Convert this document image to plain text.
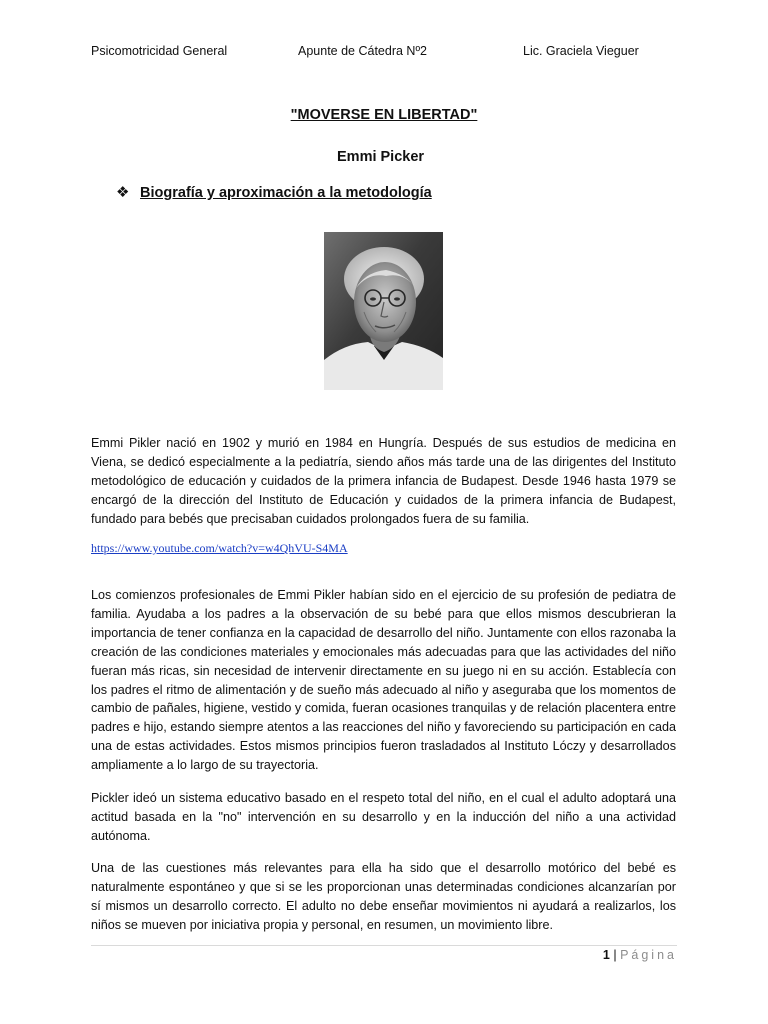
Psicomotricidad General	Apunte de Cátedra Nº2	Lic. Graciela Vieguer
"MOVERSE EN LIBERTAD"
Emmi Picker
❖ Biografía y aproximación a la metodología
Emmi Pikler nació en 1902 y murió en 1984 en Hungría. Después de sus estudios de medicina en Viena, se dedicó especialmente a la pediatría, siendo años más tarde una de las dirigentes del Instituto metodológico de educación y cuidados de la primera infancia de Budapest. Desde 1946 hasta 1979 se encargó de la dirección del Instituto de Educación y cuidados de la primera infancia de Budapest, fundado para bebés que precisaban cuidados prolongados fuera de su familia.
https://www.youtube.com/watch?v=w4QhVU-S4MA
Los comienzos profesionales de Emmi Pikler habían sido en el ejercicio de su profesión de pediatra de familia. Ayudaba a los padres a la observación de su bebé para que ellos mismos descubrieran la importancia de tener confianza en la capacidad de desarrollo del niño. Juntamente con ellos razonaba la creación de las condiciones materiales y emocionales más adecuadas para que las actividades del niño fueran más ricas, sin necesidad de intervenir directamente en su juego ni en su acción. Establecía con los padres el ritmo de alimentación y de sueño más adecuado al niño y aseguraba que los momentos de cambio de pañales, higiene, vestido y comida, fueran ocasiones tranquilas y de relación placentera entre padres e hijo, estando siempre atentos a las reacciones del niño y favoreciendo su participación en cada una de estas actividades. Estos mismos principios fueron trasladados al Instituto Lóczy y desarrollados ampliamente a lo largo de su trayectoria.
Pickler ideó un sistema educativo basado en el respeto total del niño, en el cual el adulto adoptará una actitud basada en la "no" intervención en su desarrollo y en la inducción del niño a una actividad autónoma.
Una de las cuestiones más relevantes para ella ha sido que el desarrollo motórico del bebé es naturalmente espontáneo y que si se les proporcionan unas determinadas condiciones alcanzarían por sí mismos un desarrollo correcto. El adulto no debe enseñar movimientos ni ayudará a realizarlos, los niños se mueven por iniciativa propia y personal, en resumen, un movimiento libre.
1 | Página
